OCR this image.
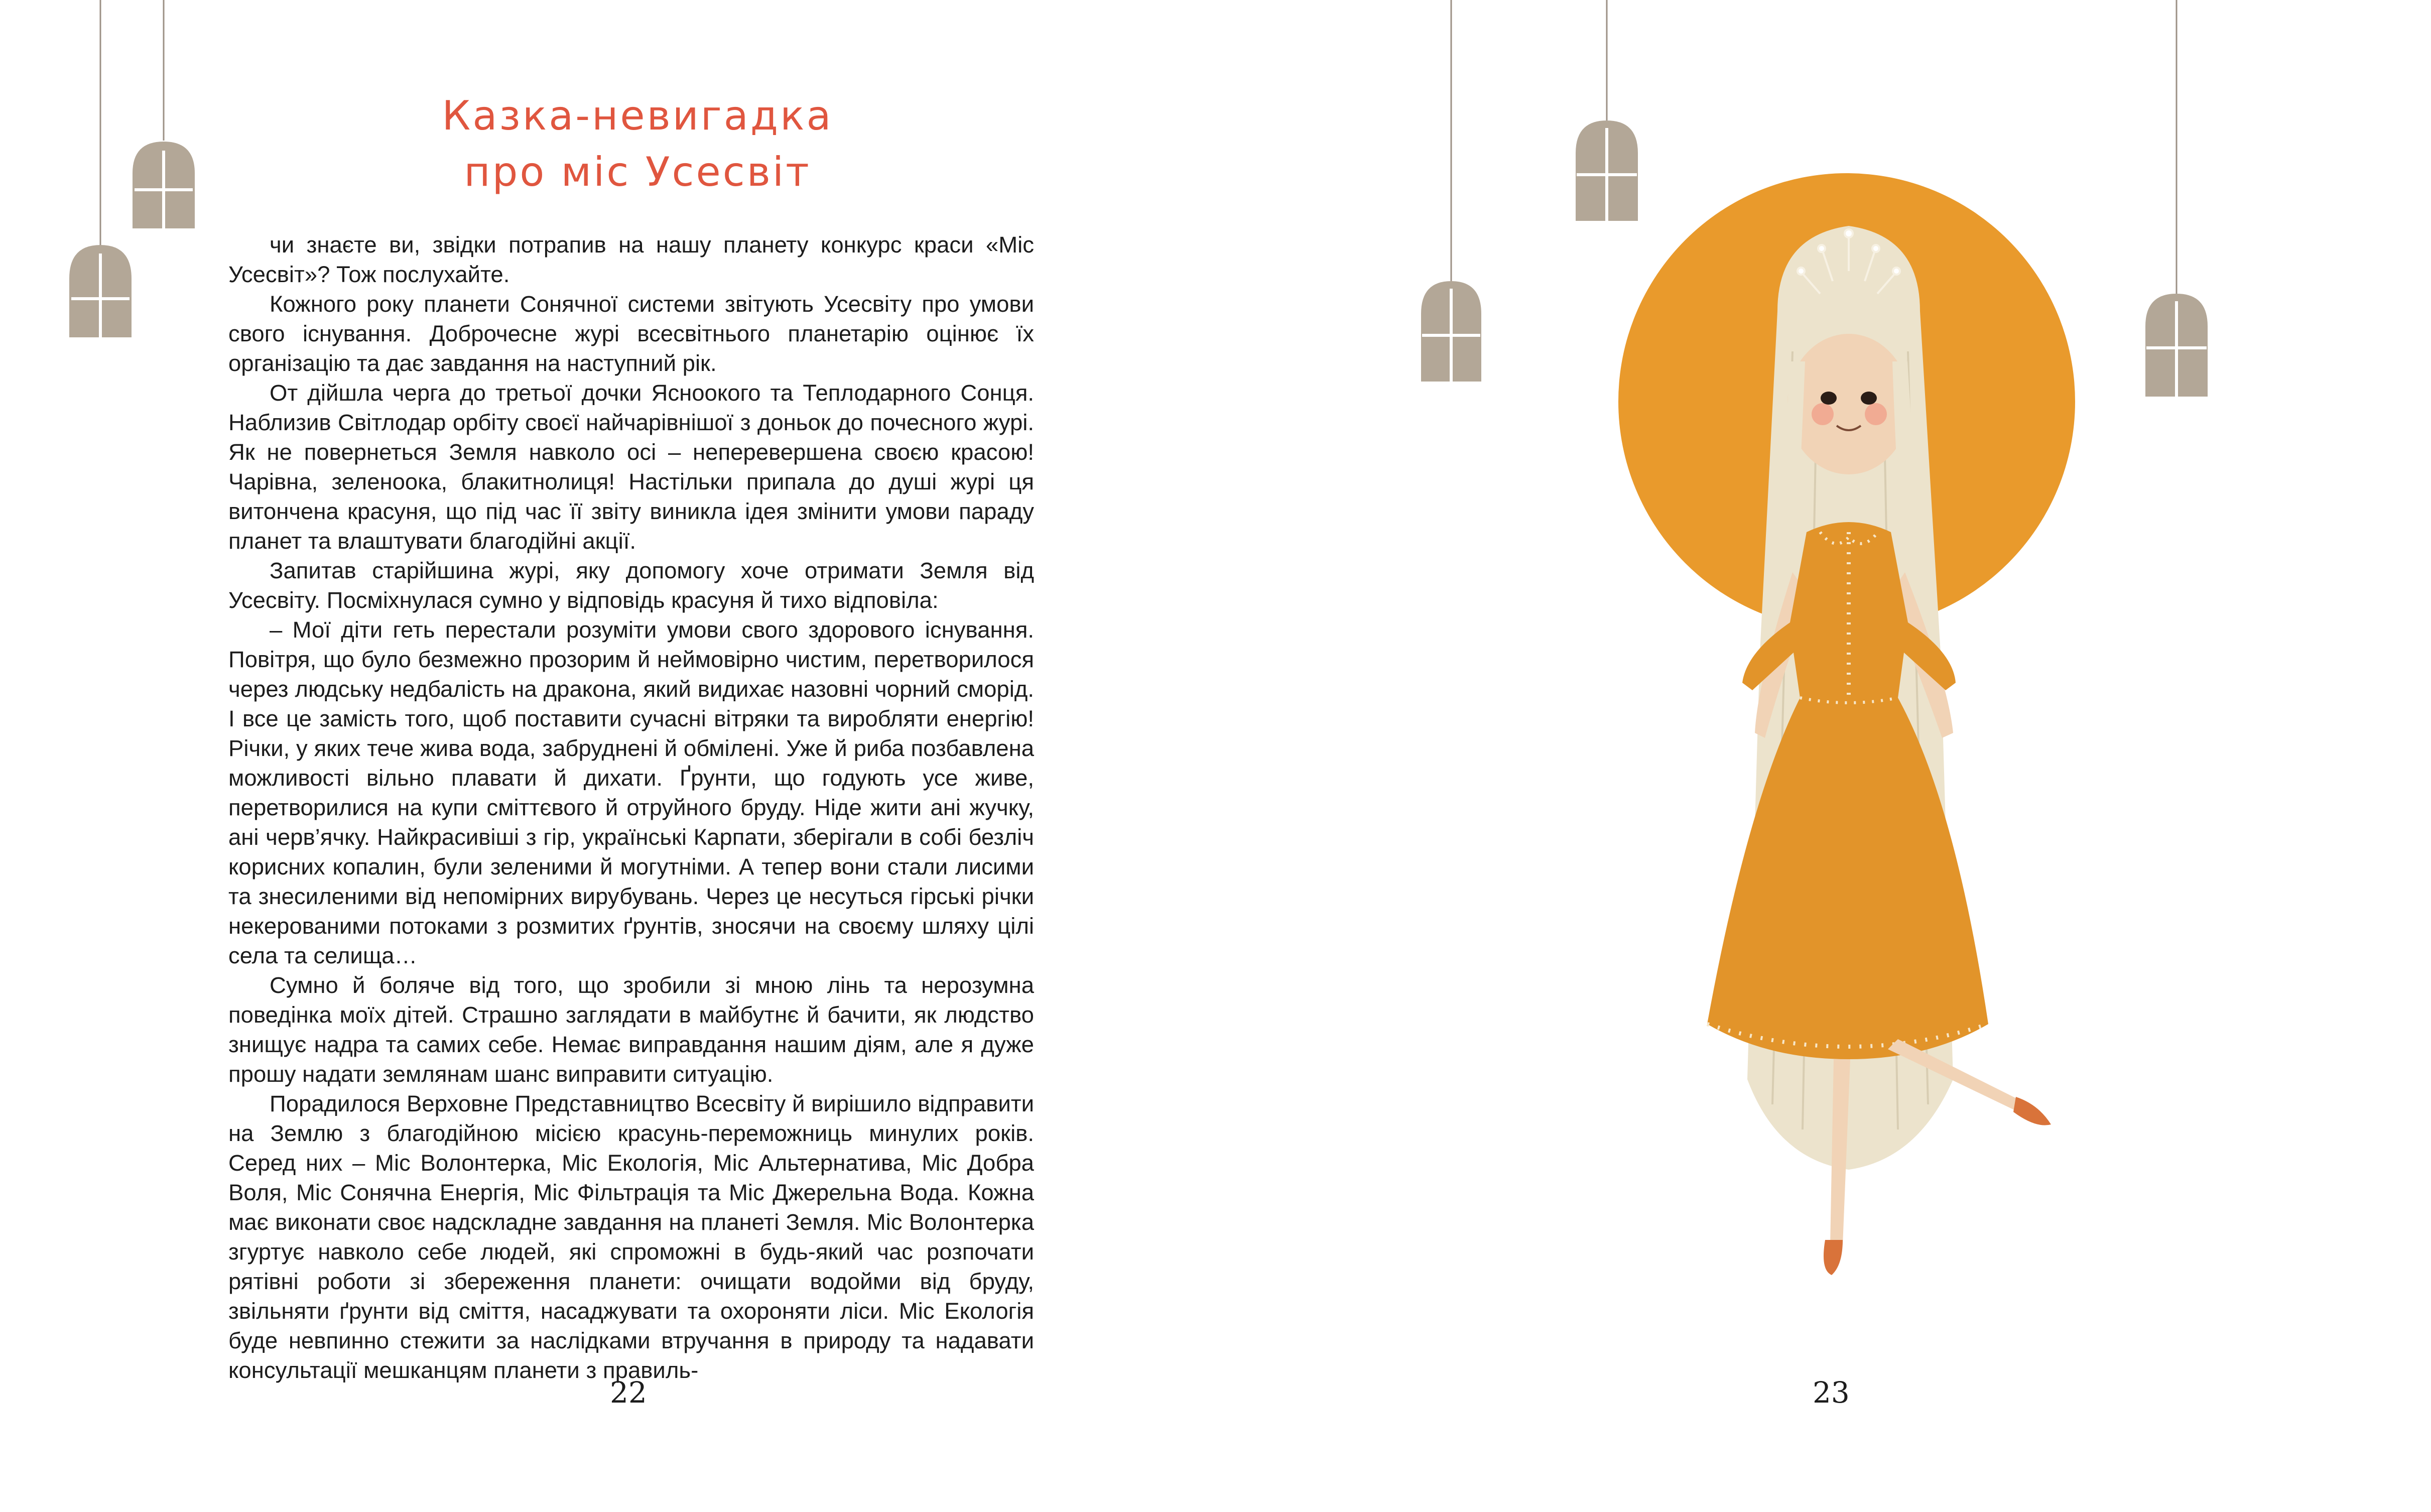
Казка-невигадка
про міс Усесвіт

чи знаєте ви, звідки потрапив на нашу планету конкурс краси «Міс Усесвіт»? Тож послухайте.

Кожного року планети Сонячної системи звітують Усесвіту про умови свого існування. Доброчесне журі всесвітнього планетарію оцінює їх організацію та дає завдання на наступний рік.

От дійшла черга до третьої дочки Ясноокого та Теплодарного Сонця. Наблизив Світлодар орбіту своєї найчарівнішої з доньок до почесного журі. Як не повернеться Земля навколо осі – неперевершена своєю красою! Чарівна, зеленоока, блакитнолиця! Настільки припала до душі журі ця витончена красуня, що під час її звіту виникла ідея змінити умови параду планет та влаштувати благодійні акції.

Запитав старійшина журі, яку допомогу хоче отримати Земля від Усесвіту. Посміхнулася сумно у відповідь красуня й тихо відповіла:

– Мої діти геть перестали розуміти умови свого здорового існування. Повітря, що було безмежно прозорим й неймовірно чистим, перетворилося через людську недбалість на дракона, який видихає назовні чорний сморід. І все це замість того, щоб поставити сучасні вітряки та виробляти енергію! Річки, у яких тече жива вода, забруднені й обмілені. Уже й риба позбавлена можливості вільно плавати й дихати. Ґрунти, що годують усе живе, перетворилися на купи сміттєвого й отруйного бруду. Ніде жити ані жучку, ані черв’ячку. Найкрасивіші з гір, українські Карпати, зберігали в собі безліч корисних копалин, були зеленими й могутніми. А тепер вони стали лисими та знесиленими від непомірних вирубувань. Через це несуться гірські річки некерованими потоками з розмитих ґрунтів, зносячи на своєму шляху цілі села та селища…

Сумно й боляче від того, що зробили зі мною лінь та нерозумна поведінка моїх дітей. Страшно заглядати в майбутнє й бачити, як людство знищує надра та самих себе. Немає виправдання нашим діям, але я дуже прошу надати землянам шанс виправити ситуацію.

Порадилося Верховне Представництво Всесвіту й вирішило відправити на Землю з благодійною місією красунь-переможниць минулих років. Серед них – Міс Волонтерка, Міс Екологія, Міс Альтернатива, Міс Добра Воля, Міс Сонячна Енергія, Міс Фільтрація та Міс Джерельна Вода. Кожна має виконати своє надскладне завдання на планеті Земля. Міс Волонтерка згуртує навколо себе людей, які спроможні в будь-який час розпочати рятівні роботи зі збереження планети: очищати водойми від бруду, звільняти ґрунти від сміття, насаджувати та охороняти ліси. Міс Екологія буде невпинно стежити за наслідками втручання в природу та надавати консультації мешканцям планети з правиль-

22	23
